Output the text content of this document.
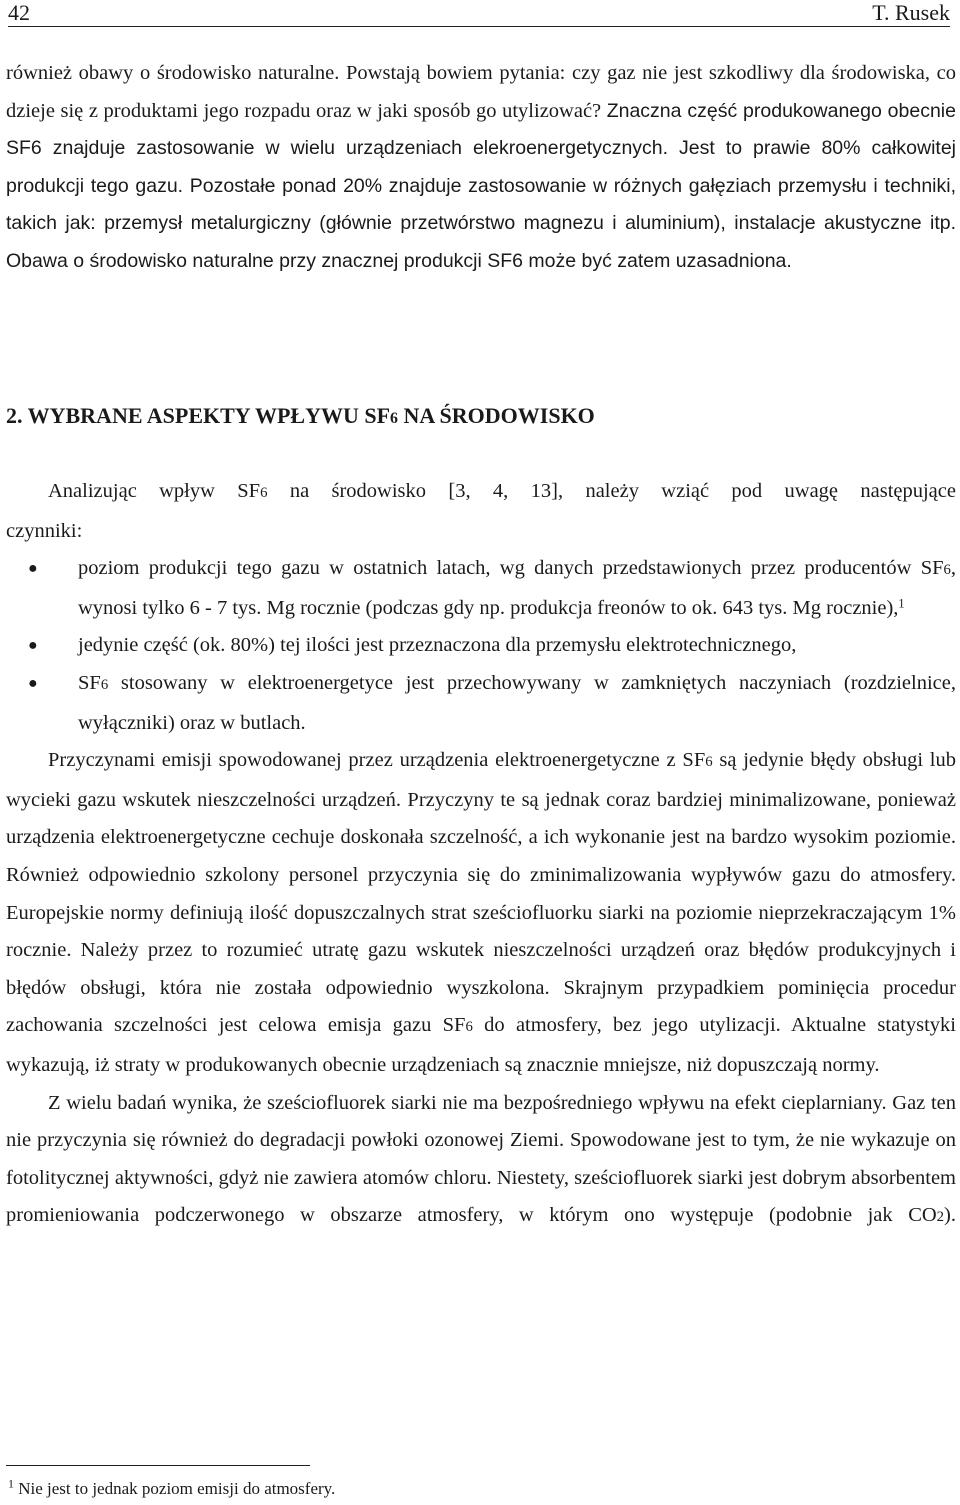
42	T. Rusek

również obawy o środowisko naturalne. Powstają bowiem pytania: czy gaz nie jest szkodliwy dla środowiska, co dzieje się z produktami jego rozpadu oraz w jaki sposób go utylizować? Znaczna część produkowanego obecnie SF6 znajduje zastosowanie w wielu urządzeniach elekroenergetycznych. Jest to prawie 80% całkowitej produkcji tego gazu. Pozostałe ponad 20% znajduje zastosowanie w różnych gałęziach przemysłu i techniki, takich jak: przemysł metalurgiczny (głównie przetwórstwo magnezu i aluminium), instalacje akustyczne itp. Obawa o środowisko naturalne przy znacznej produkcji SF6 może być zatem uzasadniona.

2. WYBRANE ASPEKTY WPŁYWU SF6 NA ŚRODOWISKO

Analizując wpływ SF6 na środowisko [3, 4, 13], należy wziąć pod uwagę następujące

czynniki:

● poziom produkcji tego gazu w ostatnich latach, wg danych przedstawionych przez producentów SF6, wynosi tylko 6 - 7 tys. Mg rocznie (podczas gdy np. produkcja freonów to ok. 643 tys. Mg rocznie),$^1$
● jedynie część (ok. 80%) tej ilości jest przeznaczona dla przemysłu elektrotechnicznego,
● SF6 stosowany w elektroenergetyce jest przechowywany w zamkniętych naczyniach (rozdzielnice, wyłączniki) oraz w butlach.

Przyczynami emisji spowodowanej przez urządzenia elektroenergetyczne z SF6 są jedynie błędy obsługi lub wycieki gazu wskutek nieszczelności urządzeń. Przyczyny te są jednak coraz bardziej minimalizowane, ponieważ urządzenia elektroenergetyczne cechuje doskonała szczelność, a ich wykonanie jest na bardzo wysokim poziomie. Również odpowiednio szkolony personel przyczynia się do zminimalizowania wypływów gazu do atmosfery. Europejskie normy definiują ilość dopuszczalnych strat sześciofluorku siarki na poziomie nieprzekraczającym 1% rocznie. Należy przez to rozumieć utratę gazu wskutek nieszczelności urządzeń oraz błędów produkcyjnych i błędów obsługi, która nie została odpowiednio wyszkolona. Skrajnym przypadkiem pominięcia procedur zachowania szczelności jest celowa emisja gazu SF6 do atmosfery, bez jego utylizacji. Aktualne statystyki wykazują, iż straty w produkowanych obecnie urządzeniach są znacznie mniejsze, niż dopuszczają normy.

Z wielu badań wynika, że sześciofluorek siarki nie ma bezpośredniego wpływu na efekt cieplarniany. Gaz ten nie przyczynia się również do degradacji powłoki ozonowej Ziemi. Spowodowane jest to tym, że nie wykazuje on fotolitycznej aktywności, gdyż nie zawiera atomów chloru. Niestety, sześciofluorek siarki jest dobrym absorbentem promieniowania podczerwonego w obszarze atmosfery, w którym ono występuje (podobnie jak CO2).

$^1$ Nie jest to jednak poziom emisji do atmosfery.
